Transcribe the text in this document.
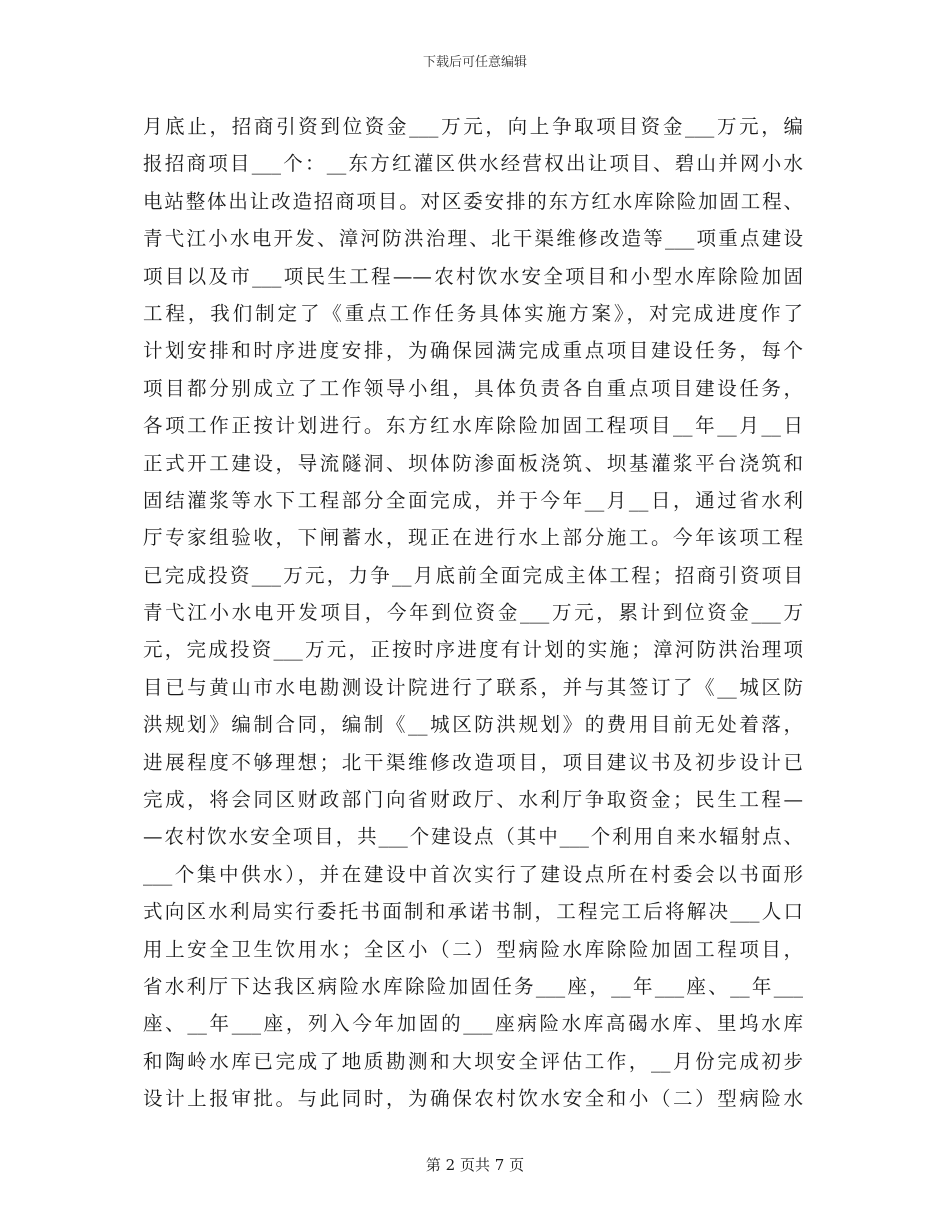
下载后可任意编辑
月底止，招商引资到位资金___万元，向上争取项目资金___万元，编
报招商项目___个：__东方红灌区供水经营权出让项目、碧山并网小水
电站整体出让改造招商项目。对区委安排的东方红水库除险加固工程、
青弋江小水电开发、漳河防洪治理、北干渠维修改造等___项重点建设
项目以及市___项民生工程——农村饮水安全项目和小型水库除险加固
工程，我们制定了《重点工作任务具体实施方案》，对完成进度作了
计划安排和时序进度安排，为确保园满完成重点项目建设任务，每个
项目都分别成立了工作领导小组，具体负责各自重点项目建设任务，
各项工作正按计划进行。东方红水库除险加固工程项目__年__月__日
正式开工建设，导流隧洞、坝体防渗面板浇筑、坝基灌浆平台浇筑和
固结灌浆等水下工程部分全面完成，并于今年__月__日，通过省水利
厅专家组验收，下闸蓄水，现正在进行水上部分施工。今年该项工程
已完成投资___万元，力争__月底前全面完成主体工程；招商引资项目
青弋江小水电开发项目，今年到位资金___万元，累计到位资金___万
元，完成投资___万元，正按时序进度有计划的实施；漳河防洪治理项
目已与黄山市水电勘测设计院进行了联系，并与其签订了《__城区防
洪规划》编制合同，编制《__城区防洪规划》的费用目前无处着落，
进展程度不够理想；北干渠维修改造项目，项目建议书及初步设计已
完成，将会同区财政部门向省财政厅、水利厅争取资金；民生工程—
—农村饮水安全项目，共___个建设点（其中___个利用自来水辐射点、
___个集中供水），并在建设中首次实行了建设点所在村委会以书面形
式向区水利局实行委托书面制和承诺书制，工程完工后将解决___人口
用上安全卫生饮用水；全区小（二）型病险水库除险加固工程项目，
省水利厅下达我区病险水库除险加固任务___座，__年___座、__年___
座、__年___座，列入今年加固的___座病险水库高碣水库、里坞水库
和陶岭水库已完成了地质勘测和大坝安全评估工作，__月份完成初步
设计上报审批。与此同时，为确保农村饮水安全和小（二）型病险水
第 2 页共 7 页
